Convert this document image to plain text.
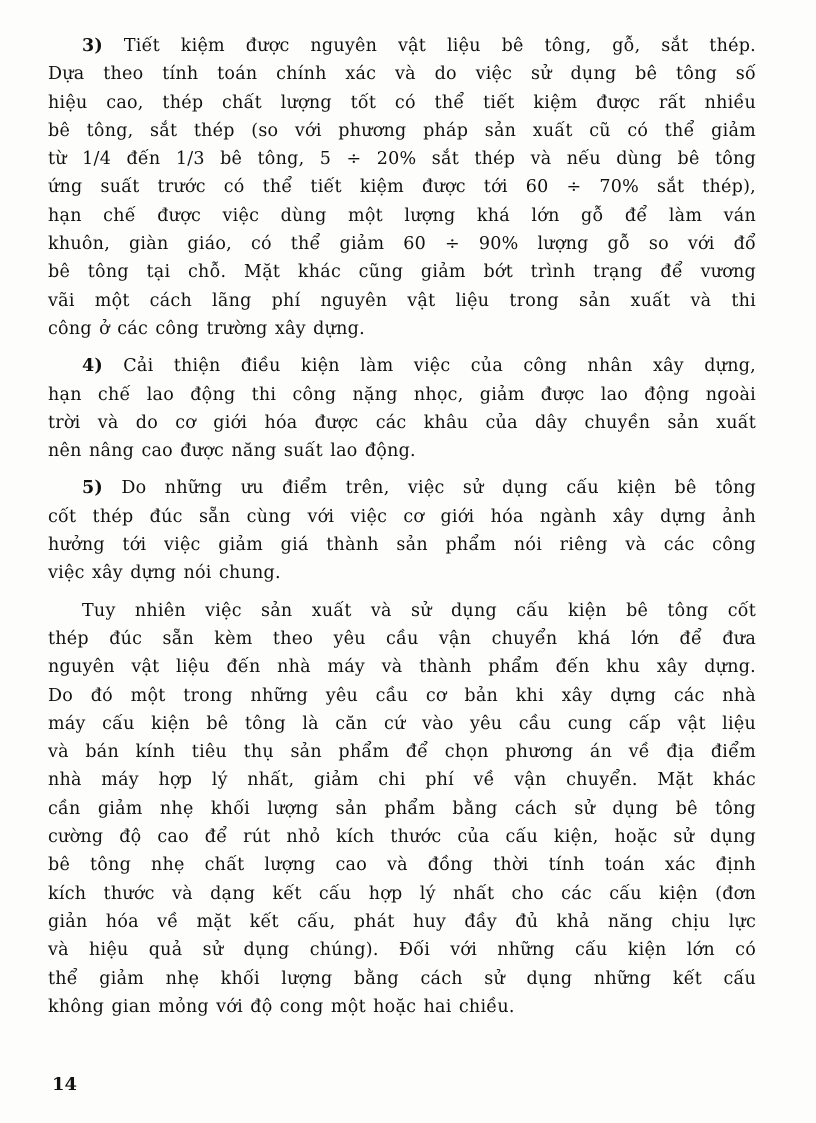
3) Tiết kiệm được nguyên vật liệu bê tông, gỗ, sắt thép.
Dựa theo tính toán chính xác và do việc sử dụng bê tông số
hiệu cao, thép chất lượng tốt có thể tiết kiệm được rất nhiều
bê tông, sắt thép (so với phương pháp sản xuất cũ có thể giảm
từ 1/4 đến 1/3 bê tông, 5 ÷ 20% sắt thép và nếu dùng bê tông
ứng suất trước có thể tiết kiệm được tới 60 ÷ 70% sắt thép),
hạn chế được việc dùng một lượng khá lớn gỗ để làm ván
khuôn, giàn giáo, có thể giảm 60 ÷ 90% lượng gỗ so với đổ
bê tông tại chỗ. Mặt khác cũng giảm bớt trình trạng để vương
vãi một cách lãng phí nguyên vật liệu trong sản xuất và thi
công ở các công trường xây dựng.

4) Cải thiện điều kiện làm việc của công nhân xây dựng,
hạn chế lao động thi công nặng nhọc, giảm được lao động ngoài
trời và do cơ giới hóa được các khâu của dây chuyền sản xuất
nên nâng cao được năng suất lao động.

5) Do những ưu điểm trên, việc sử dụng cấu kiện bê tông
cốt thép đúc sẵn cùng với việc cơ giới hóa ngành xây dựng ảnh
hưởng tới việc giảm giá thành sản phẩm nói riêng và các công
việc xây dựng nói chung.

Tuy nhiên việc sản xuất và sử dụng cấu kiện bê tông cốt
thép đúc sẵn kèm theo yêu cầu vận chuyển khá lớn để đưa
nguyên vật liệu đến nhà máy và thành phẩm đến khu xây dựng.
Do đó một trong những yêu cầu cơ bản khi xây dựng các nhà
máy cấu kiện bê tông là căn cứ vào yêu cầu cung cấp vật liệu
và bán kính tiêu thụ sản phẩm để chọn phương án về địa điểm
nhà máy hợp lý nhất, giảm chi phí về vận chuyển. Mặt khác
cần giảm nhẹ khối lượng sản phẩm bằng cách sử dụng bê tông
cường độ cao để rút nhỏ kích thước của cấu kiện, hoặc sử dụng
bê tông nhẹ chất lượng cao và đồng thời tính toán xác định
kích thước và dạng kết cấu hợp lý nhất cho các cấu kiện (đơn
giản hóa về mặt kết cấu, phát huy đầy đủ khả năng chịu lực
và hiệu quả sử dụng chúng). Đối với những cấu kiện lớn có
thể giảm nhẹ khối lượng bằng cách sử dụng những kết cấu
không gian mỏng với độ cong một hoặc hai chiều.

14
